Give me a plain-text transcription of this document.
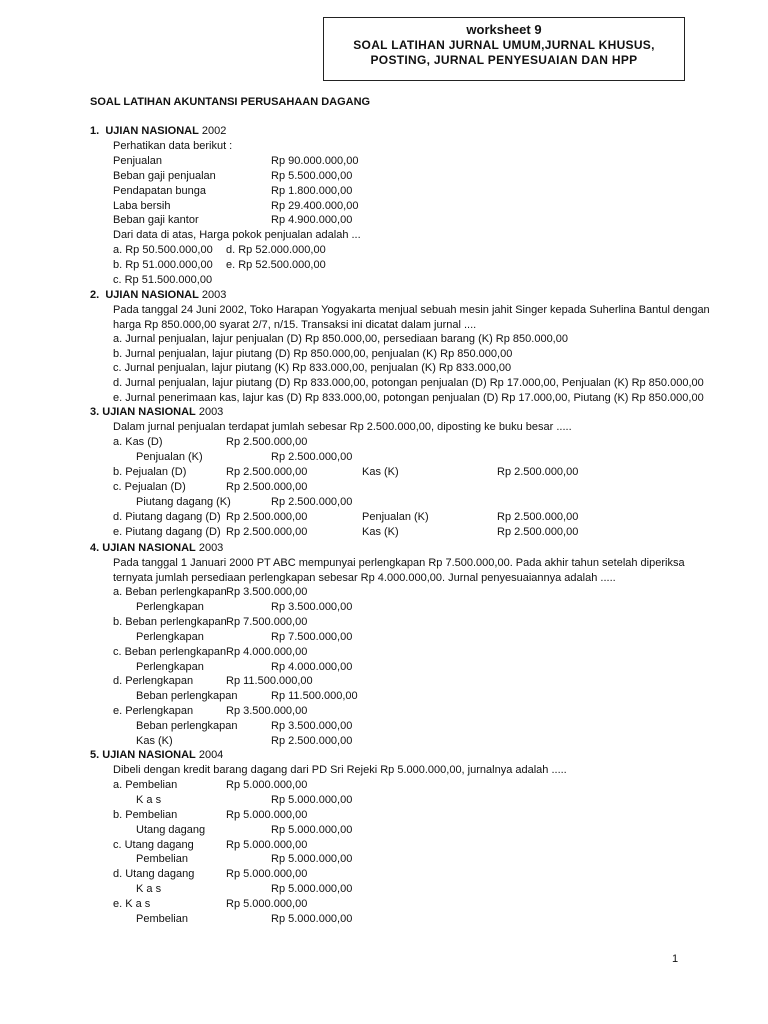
worksheet 9
SOAL LATIHAN JURNAL UMUM,JURNAL KHUSUS,
POSTING, JURNAL PENYESUAIAN DAN HPP
SOAL LATIHAN AKUNTANSI PERUSAHAAN DAGANG
1. UJIAN NASIONAL 2002
Perhatikan data berikut :
Penjualan	Rp 90.000.000,00
Beban gaji penjualan	Rp 5.500.000,00
Pendapatan bunga	Rp 1.800.000,00
Laba bersih	Rp 29.400.000,00
Beban gaji kantor	Rp 4.900.000,00
Dari data di atas, Harga pokok penjualan adalah ...
a. Rp 50.500.000,00 d. Rp 52.000.000,00
b. Rp 51.000.000,00 e. Rp 52.500.000,00
c. Rp 51.500.000,00
2. UJIAN NASIONAL 2003
Pada tanggal 24 Juni 2002, Toko Harapan Yogyakarta menjual sebuah mesin jahit Singer kepada Suherlina Bantul dengan
harga Rp 850.000,00 syarat 2/7, n/15. Transaksi ini dicatat dalam jurnal ....
a. Jurnal penjualan, lajur penjualan (D) Rp 850.000,00, persediaan barang (K) Rp 850.000,00
b. Jurnal penjualan, lajur piutang (D) Rp 850.000,00, penjualan (K) Rp 850.000,00
c. Jurnal penjualan, lajur piutang (K) Rp 833.000,00, penjualan (K) Rp 833.000,00
d. Jurnal penjualan, lajur piutang (D) Rp 833.000,00, potongan penjualan (D) Rp 17.000,00, Penjualan (K) Rp 850.000,00
e. Jurnal penerimaan kas, lajur kas (D) Rp 833.000,00, potongan penjualan (D) Rp 17.000,00, Piutang (K) Rp 850.000,00
3. UJIAN NASIONAL 2003
Dalam jurnal penjualan terdapat jumlah sebesar Rp 2.500.000,00, diposting ke buku besar .....
a. Kas (D)	Rp 2.500.000,00
Penjualan (K)	Rp 2.500.000,00
b. Pejualan (D)	Rp 2.500.000,00	Kas (K)	Rp 2.500.000,00
c. Pejualan (D)	Rp 2.500.000,00
Piutang dagang (K)	Rp 2.500.000,00
d. Piutang dagang (D) Rp 2.500.000,00	Penjualan (K)	Rp 2.500.000,00
e. Piutang dagang (D) Rp 2.500.000,00	Kas (K)	Rp 2.500.000,00
4. UJIAN NASIONAL 2003
Pada tanggal 1 Januari 2000 PT ABC mempunyai perlengkapan Rp 7.500.000,00. Pada akhir tahun setelah diperiksa
ternyata jumlah persediaan perlengkapan sebesar Rp 4.000.000,00. Jurnal penyesuaiannya adalah .....
a. Beban perlengkapan Rp 3.500.000,00
Perlengkapan	Rp 3.500.000,00
b. Beban perlengkapan Rp 7.500.000,00
Perlengkapan	Rp 7.500.000,00
c. Beban perlengkapan Rp 4.000.000,00
Perlengkapan	Rp 4.000.000,00
d. Perlengkapan	Rp 11.500.000,00
Beban perlengkapan	Rp 11.500.000,00
e. Perlengkapan	Rp 3.500.000,00
Beban perlengkapan	Rp 3.500.000,00
Kas (K)	Rp 2.500.000,00
5. UJIAN NASIONAL 2004
Dibeli dengan kredit barang dagang dari PD Sri Rejeki Rp 5.000.000,00, jurnalnya adalah .....
a. Pembelian	Rp 5.000.000,00
K a s	Rp 5.000.000,00
b. Pembelian	Rp 5.000.000,00
Utang dagang	Rp 5.000.000,00
c. Utang dagang	Rp 5.000.000,00
Pembelian	Rp 5.000.000,00
d. Utang dagang	Rp 5.000.000,00
K a s	Rp 5.000.000,00
e. K a s	Rp 5.000.000,00
Pembelian	Rp 5.000.000,00
1
